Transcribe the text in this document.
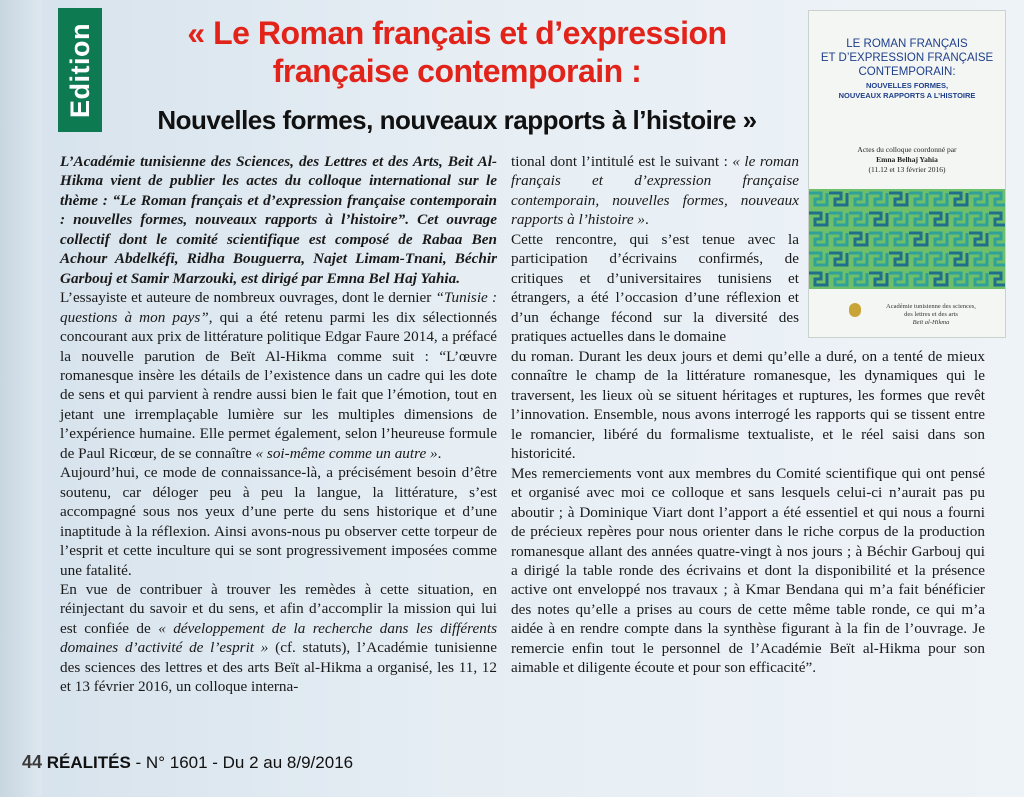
Edition	« Le Roman français et d’expression
française contemporain :
Nouvelles formes, nouveaux rapports à l’histoire »

L’Académie tunisienne des Sciences, des Lettres et des Arts, Beit Al-Hikma vient de publier les actes du colloque international sur le thème : “Le Roman français et d’expression française contemporain : nouvelles formes, nouveaux rapports à l’histoire”. Cet ouvrage collectif dont le comité scientifique est composé de Rabaa Ben Achour Abdelkéfi, Ridha Bouguerra, Najet Limam-Tnani, Béchir Garbouj et Samir Marzouki, est dirigé par Emna Bel Haj Yahia.

L’essayiste et auteure de nombreux ouvrages, dont le dernier “Tunisie : questions à mon pays”, qui a été retenu parmi les dix sélectionnés concourant aux prix de littérature politique Edgar Faure 2014, a préfacé la nouvelle parution de Beït Al-Hikma comme suit : “L’œuvre romanesque insère les détails de l’existence dans un cadre qui les dote de sens et qui parvient à rendre aussi bien le fait que l’émotion, tout en jetant une irremplaçable lumière sur les multiples dimensions de l’expérience humaine. Elle permet également, selon l’heureuse formule de Paul Ricœur, de se connaître « soi-même comme un autre ».

Aujourd’hui, ce mode de connaissance-là, a précisément besoin d’être soutenu, car déloger peu à peu la langue, la littérature, s’est accompagné sous nos yeux d’une perte du sens historique et d’une inaptitude à la réflexion. Ainsi avons-nous pu observer cette torpeur de l’esprit et cette inculture qui se sont progressivement imposées comme une fatalité.

En vue de contribuer à trouver les remèdes à cette situation, en réinjectant du savoir et du sens, et afin d’accomplir la mission qui lui est confiée de « développement de la recherche dans les différents domaines d’activité de l’esprit » (cf. statuts), l’Académie tunisienne des sciences des lettres et des arts Beït al-Hikma a organisé, les 11, 12 et 13 février 2016, un colloque interna-

tional dont l’intitulé est le suivant : « le roman français et d’expression française contemporain, nouvelles formes, nouveaux rapports à l’histoire ».

Cette rencontre, qui s’est tenue avec la participation d’écrivains confirmés, de critiques et d’universitaires tunisiens et étrangers, a été l’occasion d’une réflexion et d’un échange fécond sur la diversité des pratiques actuelles dans le domaine

du roman. Durant les deux jours et demi qu’elle a duré, on a tenté de mieux connaître le champ de la littérature romanesque, les dynamiques qui le traversent, les lieux où se situent héritages et ruptures, les formes que revêt l’innovation. Ensemble, nous avons interrogé les rapports qui se tissent entre le romancier, libéré du formalisme textualiste, et le réel saisi dans son historicité.

Mes remerciements vont aux membres du Comité scientifique qui ont pensé et organisé avec moi ce colloque et sans lesquels celui-ci n’aurait pas pu aboutir ; à Dominique Viart dont l’apport a été essentiel et qui nous a fourni de précieux repères pour nous orienter dans le riche corpus de la production romanesque allant des années quatre-vingt à nos jours ; à Béchir Garbouj qui a dirigé la table ronde des écrivains et dont la disponibilité et la présence active ont enveloppé nos travaux ; à Kmar Bendana qui m’a fait bénéficier des notes qu’elle a prises au cours de cette même table ronde, ce qui m’a aidée à en rendre compte dans la synthèse figurant à la fin de l’ouvrage. Je remercie enfin tout le personnel de l’Académie Beït al-Hikma pour son aimable et diligente écoute et pour son efficacité”.

LE ROMAN FRANÇAIS
ET D’EXPRESSION FRANÇAISE
CONTEMPORAIN:
NOUVELLES FORMES,
NOUVEAUX RAPPORTS A L’HISTOIRE
Actes du colloque coordonné par
Emna Belhaj Yahia
(11.12 et 13 février 2016)
Académie tunisienne des sciences,
des lettres et des arts
Beït al-Hikma
44 RÉALITÉS - N° 1601 - Du 2 au 8/9/2016
